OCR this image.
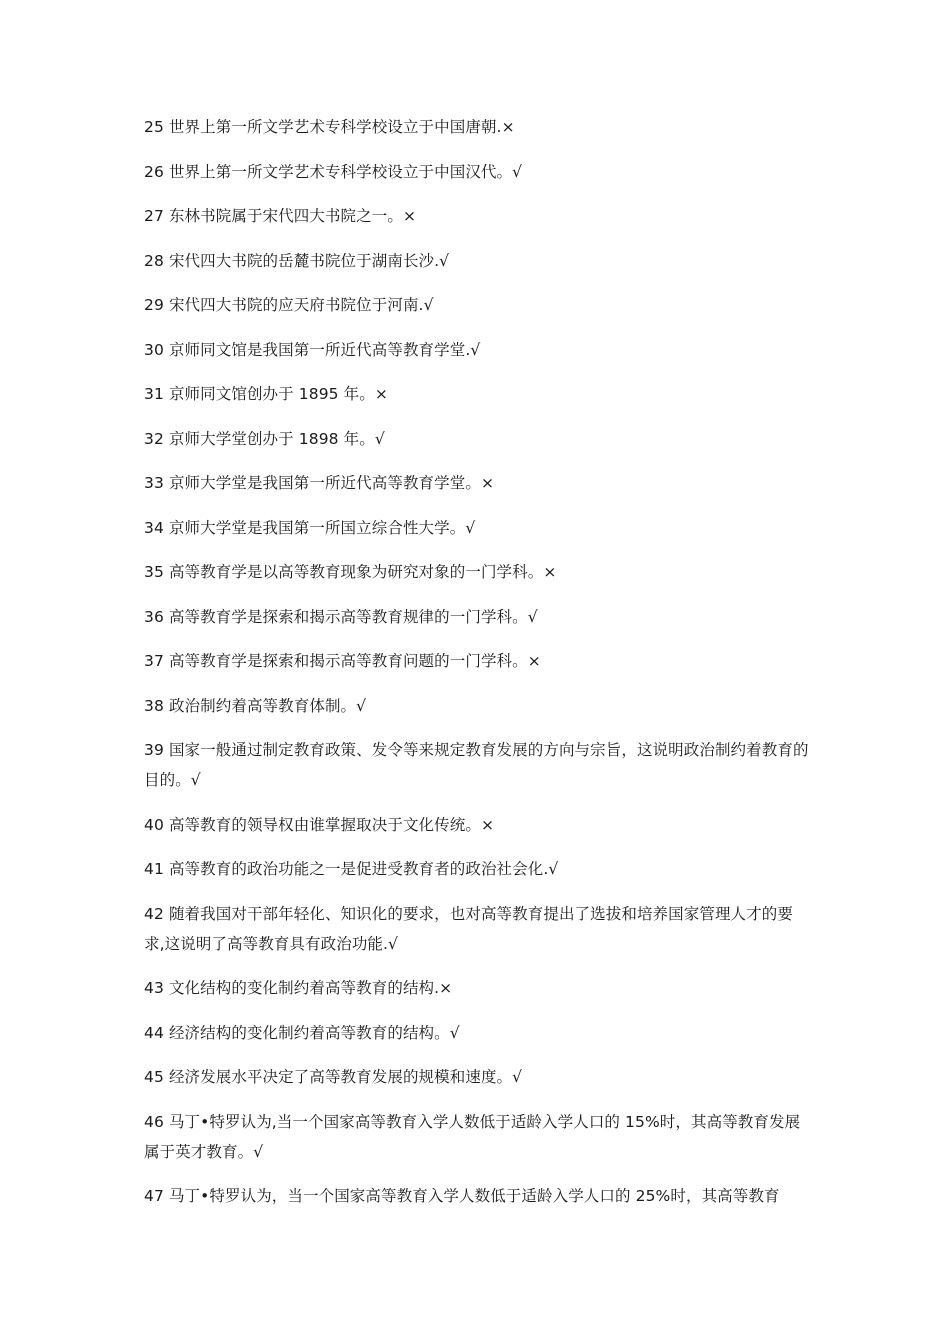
25 世界上第一所文学艺术专科学校设立于中国唐朝.×

26 世界上第一所文学艺术专科学校设立于中国汉代。√

27 东林书院属于宋代四大书院之一。×

28 宋代四大书院的岳麓书院位于湖南长沙.√

29 宋代四大书院的应天府书院位于河南.√

30 京师同文馆是我国第一所近代高等教育学堂.√

31 京师同文馆创办于 1895 年。×

32 京师大学堂创办于 1898 年。√

33 京师大学堂是我国第一所近代高等教育学堂。×

34 京师大学堂是我国第一所国立综合性大学。√

35 高等教育学是以高等教育现象为研究对象的一门学科。×

36 高等教育学是探索和揭示高等教育规律的一门学科。√

37 高等教育学是探索和揭示高等教育问题的一门学科。×

38 政治制约着高等教育体制。√

39 国家一般通过制定教育政策、发令等来规定教育发展的方向与宗旨，这说明政治制约着教育的目的。√

40 高等教育的领导权由谁掌握取决于文化传统。×

41 高等教育的政治功能之一是促进受教育者的政治社会化.√

42 随着我国对干部年轻化、知识化的要求，也对高等教育提出了选拔和培养国家管理人才的要求,这说明了高等教育具有政治功能.√

43 文化结构的变化制约着高等教育的结构.×

44 经济结构的变化制约着高等教育的结构。√

45 经济发展水平决定了高等教育发展的规模和速度。√

46 马丁•特罗认为,当一个国家高等教育入学人数低于适龄入学人口的 15%时，其高等教育发展属于英才教育。√

47 马丁•特罗认为，当一个国家高等教育入学人数低于适龄入学人口的 25%时，其高等教育
